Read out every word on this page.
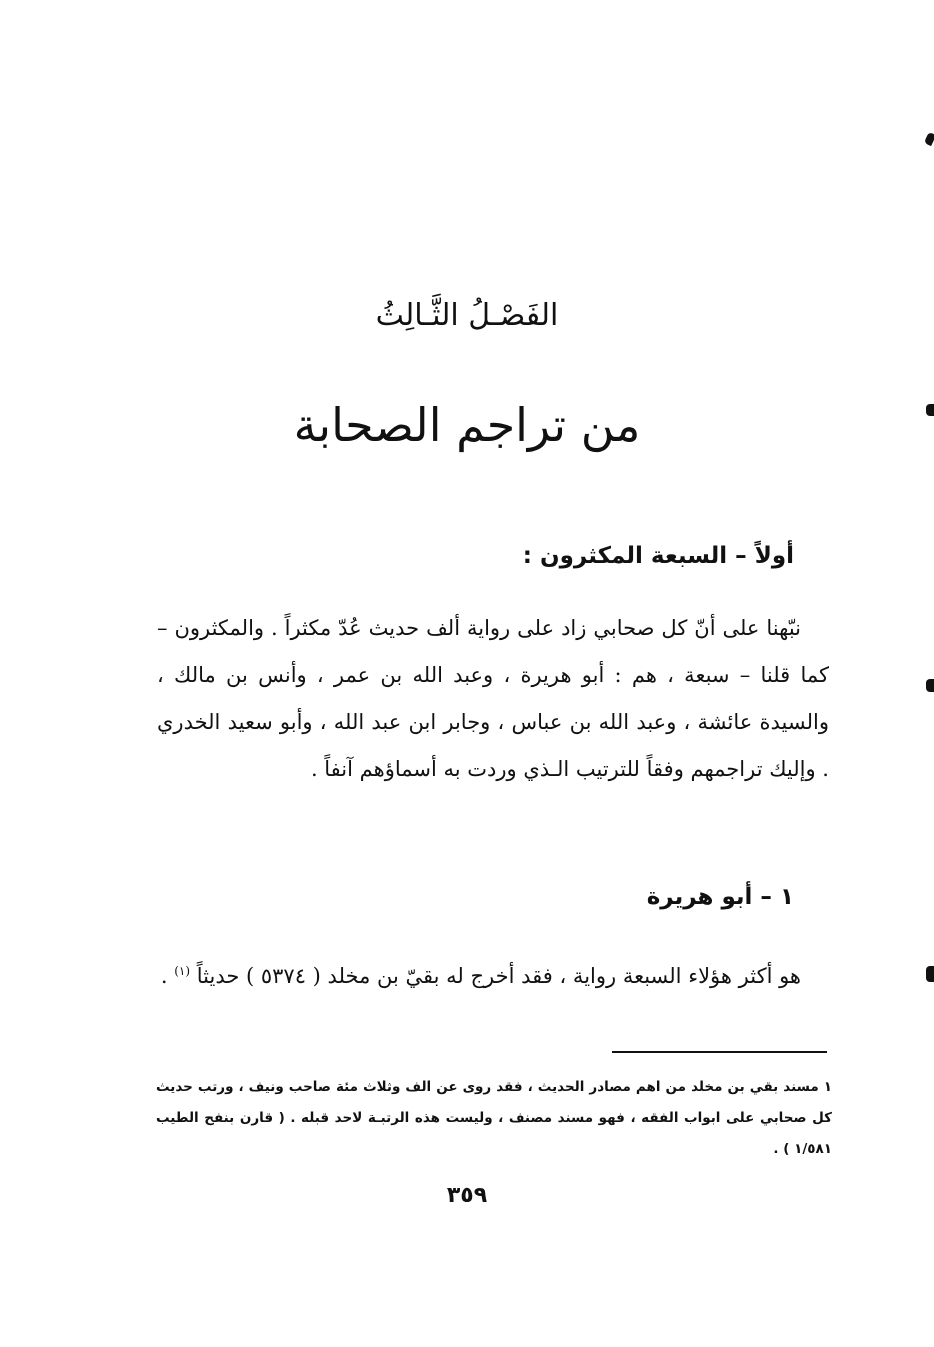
الفَصْـلُ الثَّـالِثُ
من تراجم الصحابة
أولاً – السبعة المكثرون :

نبّهنا على أنّ كل صحابي زاد على رواية ألف حديث عُدّ مكثراً . والمكثرون – كما قلنا – سبعة ، هم : أبو هريرة ، وعبد الله بن عمر ، وأنس بن مالك ، والسيدة عائشة ، وعبد الله بن عباس ، وجابر ابن عبد الله ، وأبو سعيد الخدري . وإليك تراجمهم وفقاً للترتيب الـذي وردت به أسماؤهم آنفاً .

١ – أبو هريرة

هو أكثر هؤلاء السبعة رواية ، فقد أخرج له بقيّ بن مخلد ( ٥٣٧٤ ) حديثاً $^{(١)}$ .

١ مسند بقي بن مخلد من اهم مصادر الحديث ، فقد روى عن الف وثلاث مئة صاحب ونيف ، ورتب حديث كل صحابي على ابواب الفقه ، فهو مسند مصنف ، وليست هذه الرتبـة لاحد قبله . ( قارن بنفح الطيب ١/٥٨١ ) .

٣٥٩
